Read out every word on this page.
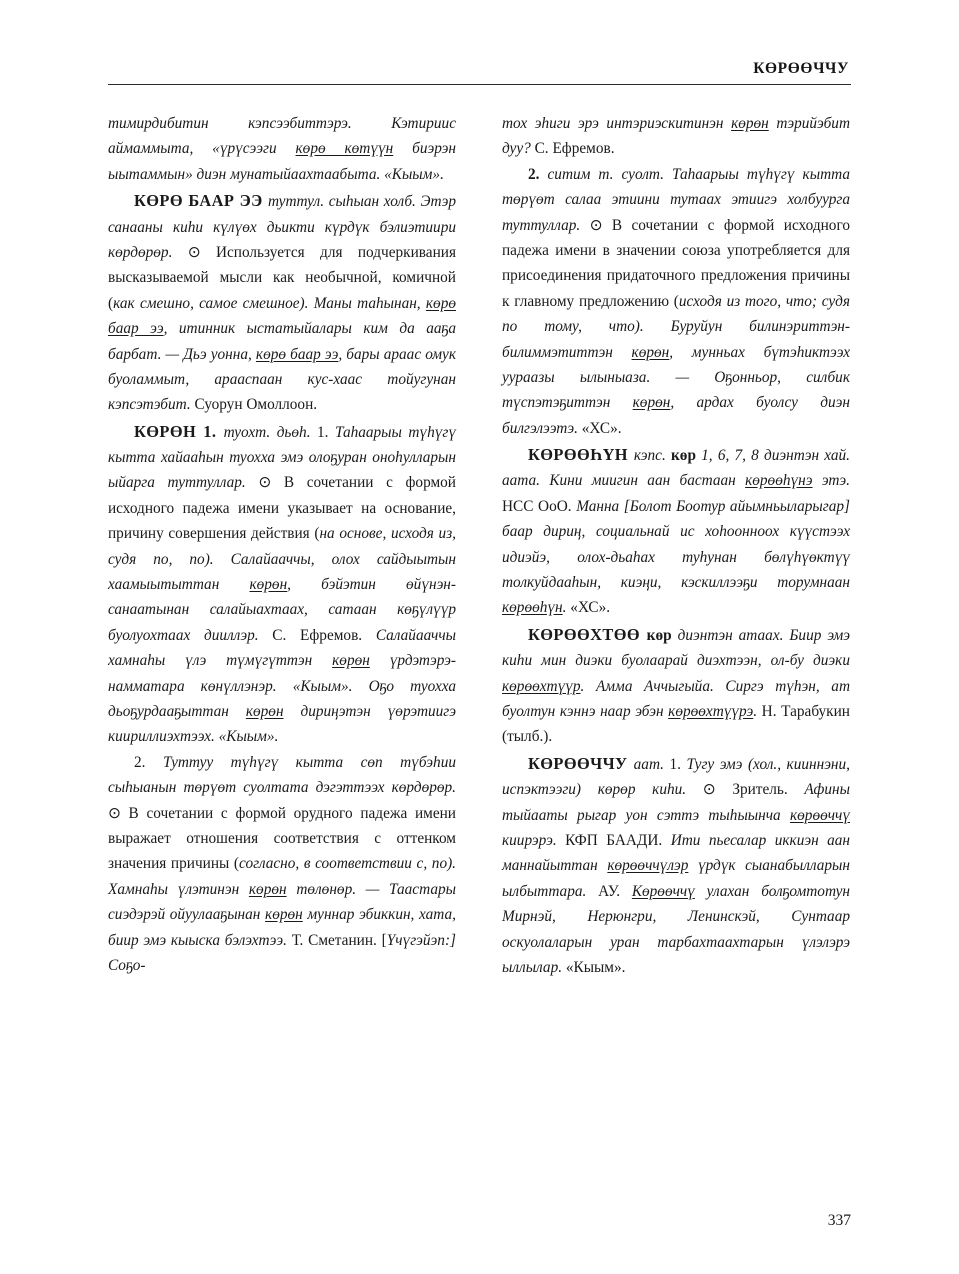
КӨРӨӨЧЧУ
тимирдибитин кэпсээбиттэрэ. Кэтириис аймаммыта, «үрүсээги көрө көтүүн биэрэн ыытаммын» диэн мунатыйаахтаабыта. «Кыым».
КӨРӨ БААР ЭЭ туттул. сыһыан холб. Этэр санааны киһи күлүөх дьикти күрдүк бэлиэтиири көрдөрөр. ⊙ Используется для подчеркивания высказываемой мысли как необычной, комичной (как смешно, самое смешное). Маны таһынан, көрө баар ээ, итинник ыстатыйалары ким да ааҕа барбат. — Дьэ уонна, көрө баар ээ, бары араас омук буоламмыт, арааспаан кус-хаас тойугунан кэпсэтэбит. Суорун Омоллоон.
КӨРӨН 1. туохт. дьөһ. 1. Таһаарыы түһүгү кытта хайааһын туохха эмэ олоҕуран оноһулларын ыйарга туттуллар. ⊙ В сочетании с формой исходного падежа имени указывает на основание, причину совершения действия (на основе, исходя из, судя по, по). Салайааччы, олох сайдыытын хаамыытыттан көрөн, бэйэтин өйүнэн-санаатынан салайыахтаах, сатаан көҕүлүүр буолуохтаах дииллэр. С. Ефремов. Салайааччы хамнаһы үлэ түмүгүттэн көрөн үрдэтэрэ-намматара көнүллэнэр. «Кыым». Оҕо туохха дьоҕурдааҕыттан көрөн дириңэтэн үөрэтиигэ киириллиэхтээх. «Кыым».
2. Туттуу түһүгү кытта сөп түбэһии сыһыанын төрүөт суолтата дэгэттээх көрдөрөр. ⊙ В сочетании с формой орудного падежа имени выражает отношения соответствия с оттенком значения причины (согласно, в соответствии с, по). Хамнаһы үлэтинэн көрөн төлөнөр. — Таастары сиэдэрэй ойуулааҕынан көрөн муннар эбиккин, хата, биир эмэ кыыска бэлэхтээ. Т. Сметанин. [Үчүгэйэп:] Соҕо-
тох эһиги эрэ интэриэскитинэн көрөн тэрийэбит дуу? С. Ефремов.
2. ситим т. суолт. Таһаарыы түһүгү кытта төрүөт салаа этиини тутаах этиигэ холбуурга туттуллар. ⊙ В сочетании с формой исходного падежа имени в значении союза употребляется для присоединения придаточного предложения причины к главному предложению (исходя из того, что; судя по тому, что). Буруйун билинэриттэн-билиммэтиттэн көрөн, мунньах бүтэһиктээх уураазы ылыныаза. — Оҕонньор, силбик түспэтэҕиттэн көрөн, ардах буолсу диэн билгэлээтэ. «ХС».
КӨРӨӨҺҮН кэпс. көр 1, 6, 7, 8 диэнтэн хай. аата. Кини миигин аан бастаан көрөөһүнэ этэ. НСС ОоО. Манна [Болот Боотур айымньыларыгар] баар дириң, социальнай ис хоһоонноох күүстээх идиэйэ, олох-дьаһах туһунан бөлүһүөктүү толкуйдааһын, киэңи, кэскиллээҕи торумнаан көрөөһүн. «ХС».
КӨРӨӨХТӨӨ көр диэнтэн атаах. Биир эмэ киһи мин диэки буолаарай диэхтээн, ол-бу диэки көрөөхтүүр. Амма Аччыгыйа. Сиргэ түһэн, ат буолтун кэннэ наар эбэн көрөөхтүүрэ. Н. Тарабукин (тылб.).
КӨРӨӨЧЧУ аат. 1. Тугу эмэ (хол., кииннэни, испэктээги) көрөр киһи. ⊙ Зритель. Афины тыйааты рыгар уон сэттэ тыһыынча көрөөччү киирэрэ. КФП БААДИ. Ити пьесалар иккиэн аан маннайыттан көрөөччүлэр үрдүк сыанабылларын ылбыттара. АУ. Көрөөччү улахан болҕомтотун Мирнэй, Нерюнгри, Ленинскэй, Сунтаар оскуолаларын уран тарбахтаахтарын үлэлэрэ ыллылар. «Кыым».
337
